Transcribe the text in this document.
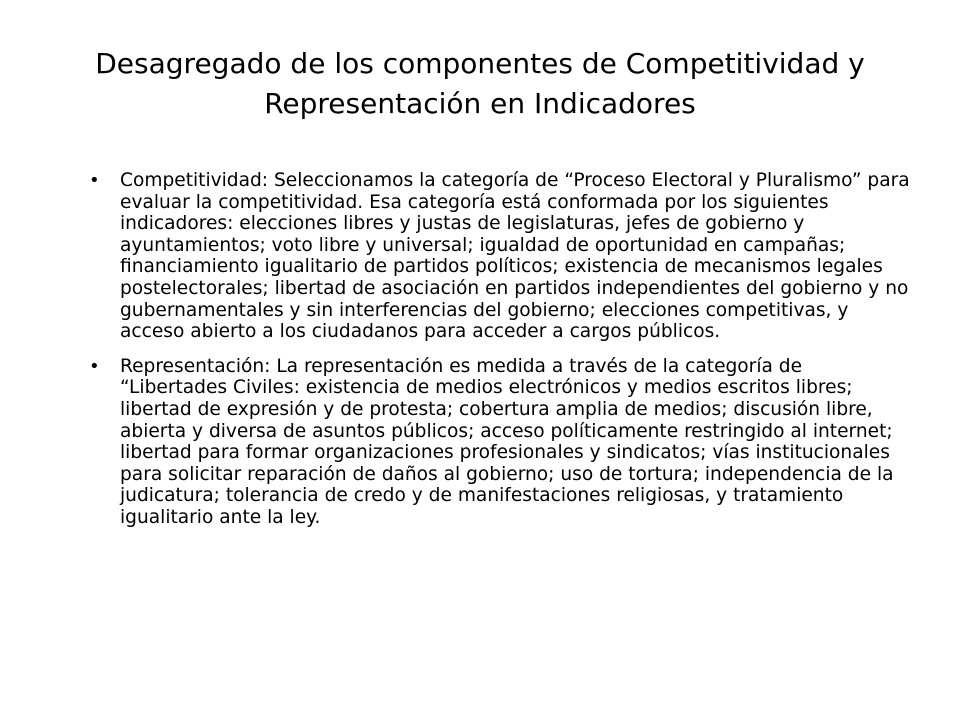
Desagregado de los componentes de Competitividad y Representación en Indicadores
• Competitividad: Seleccionamos la categoría de “Proceso Electoral y Pluralismo” para evaluar la competitividad. Esa categoría está conformada por los siguientes indicadores: elecciones libres y justas de legislaturas, jefes de gobierno y ayuntamientos; voto libre y universal; igualdad de oportunidad en campañas; financiamiento igualitario de partidos políticos; existencia de mecanismos legales postelectorales; libertad de asociación en partidos independientes del gobierno y no gubernamentales y sin interferencias del gobierno; elecciones competitivas, y acceso abierto a los ciudadanos para acceder a cargos públicos.
• Representación: La representación es medida a través de la categoría de “Libertades Civiles: existencia de medios electrónicos y medios escritos libres; libertad de expresión y de protesta; cobertura amplia de medios; discusión libre, abierta y diversa de asuntos públicos; acceso políticamente restringido al internet; libertad para formar organizaciones profesionales y sindicatos; vías institucionales para solicitar reparación de daños al gobierno; uso de tortura; independencia de la judicatura; tolerancia de credo y de manifestaciones religiosas, y tratamiento igualitario ante la ley.
